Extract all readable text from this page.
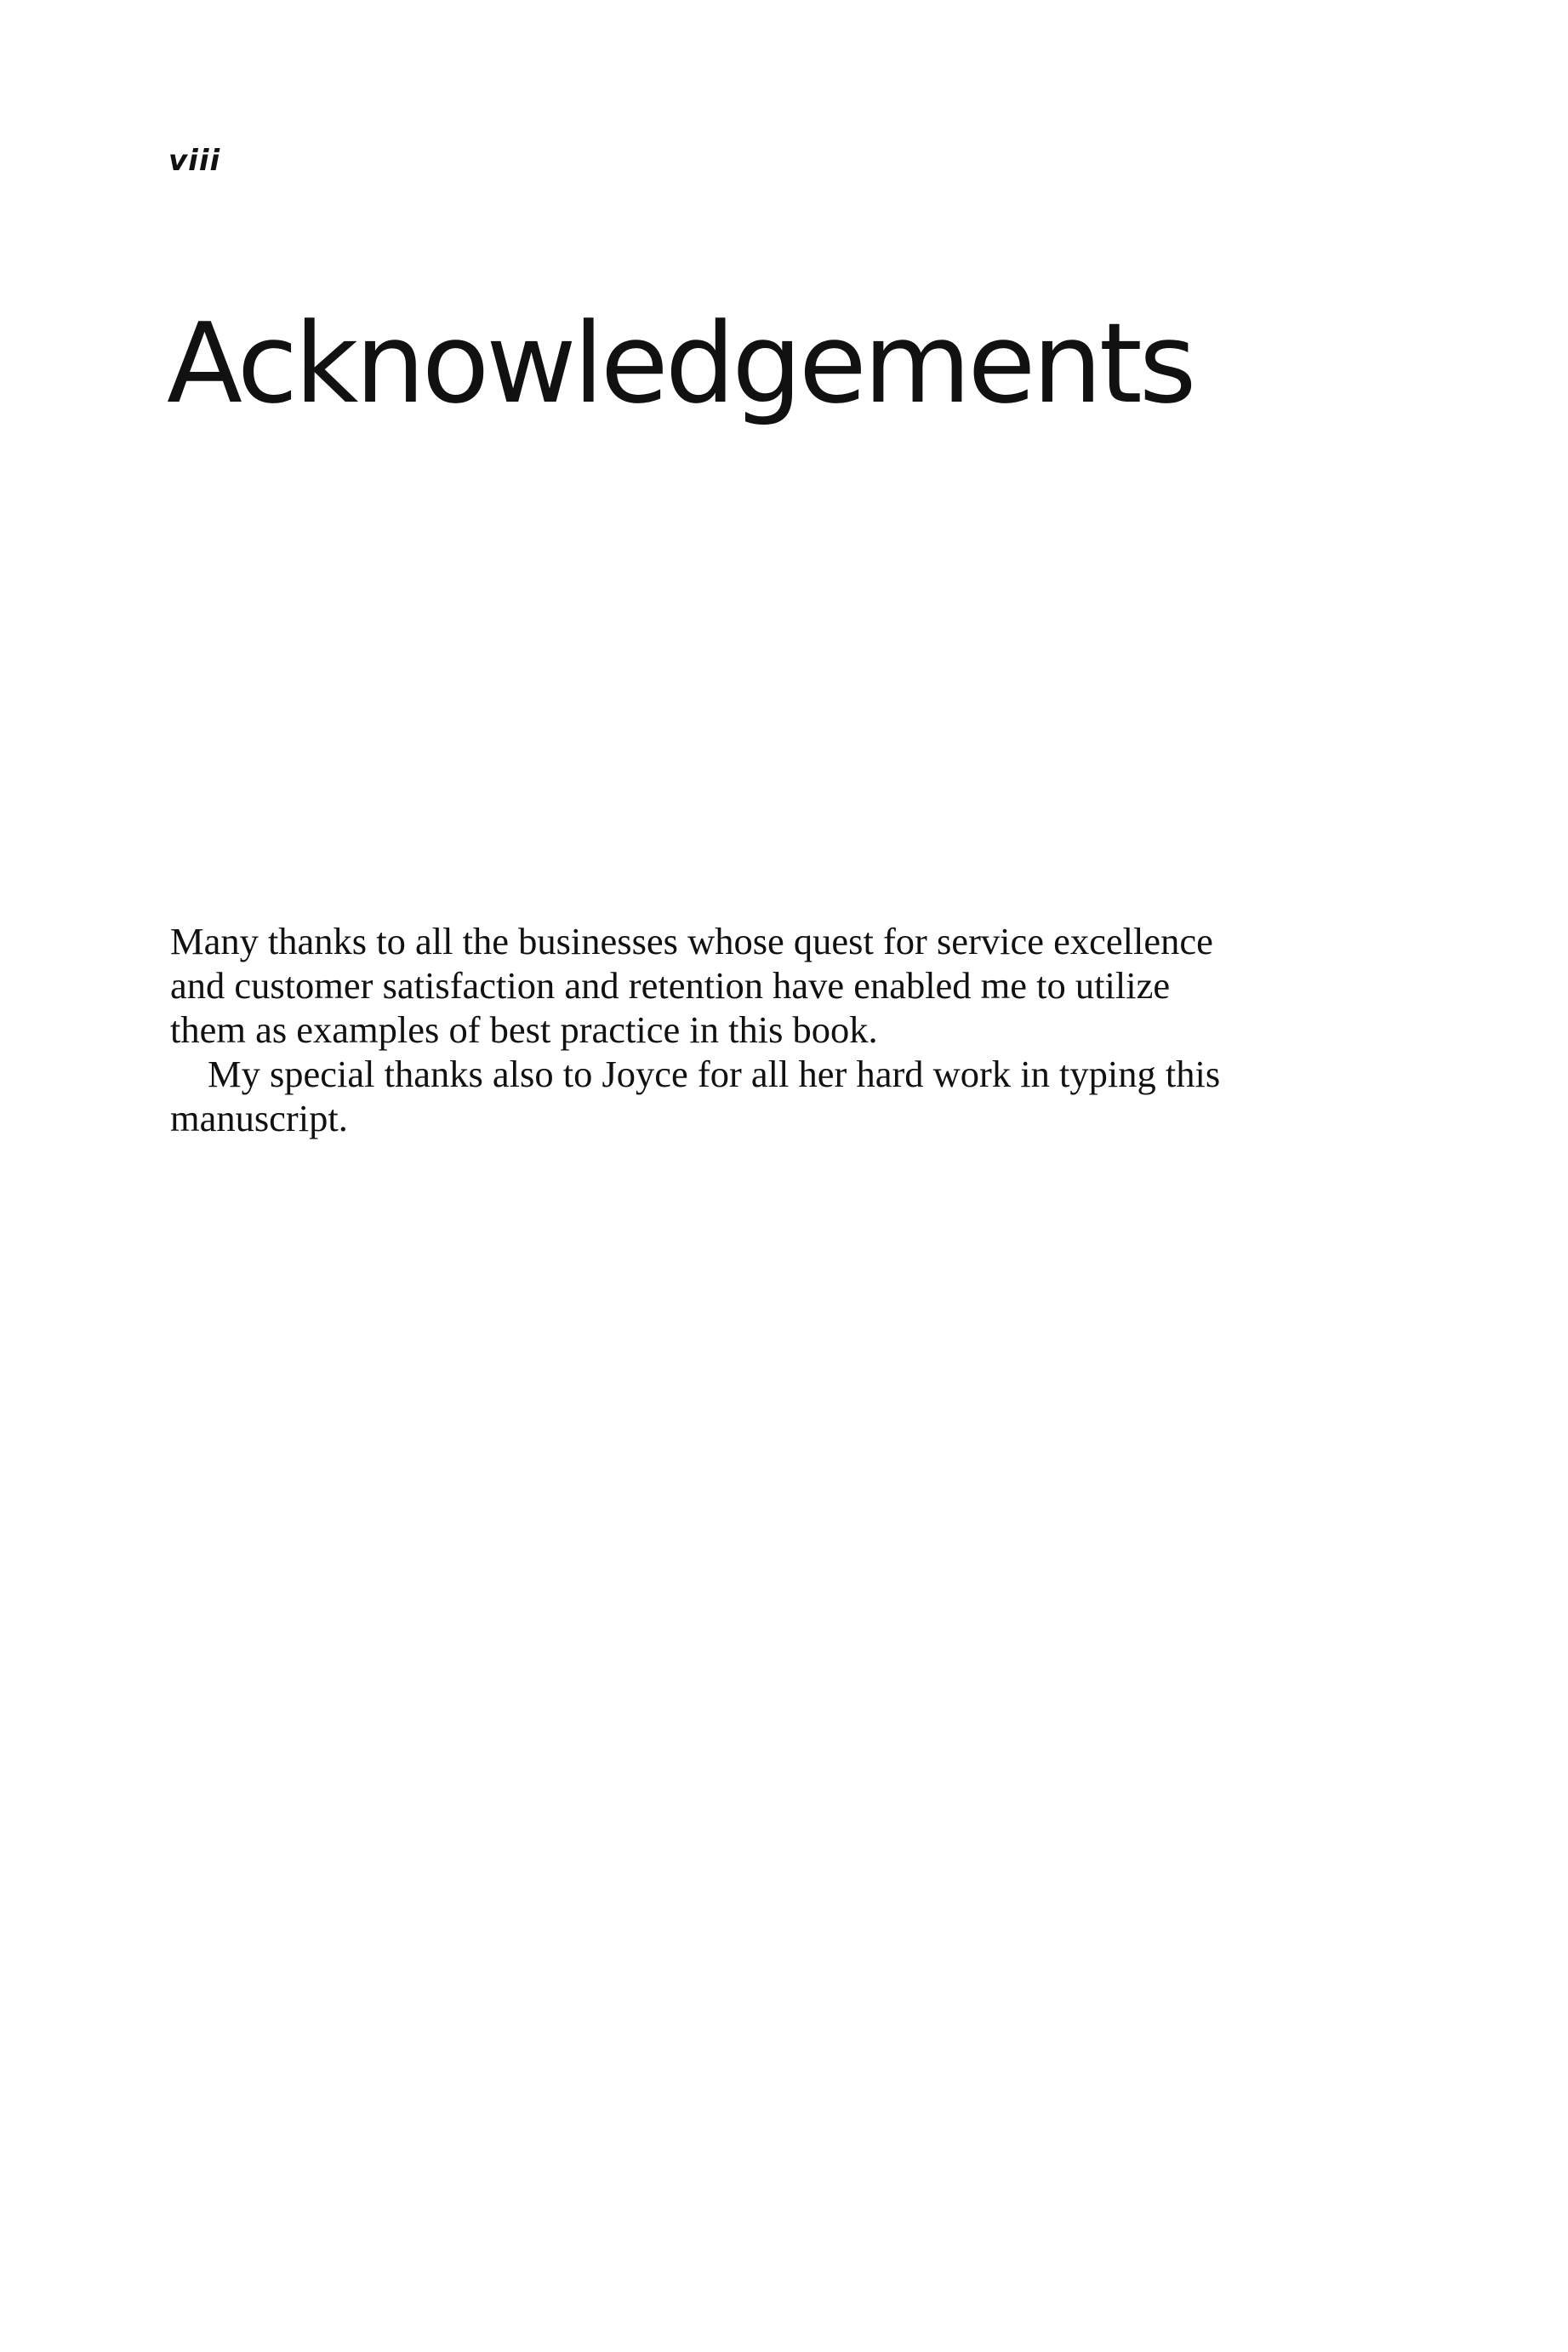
viii
Acknowledgements

Many thanks to all the businesses whose quest for service excellence
and customer satisfaction and retention have enabled me to utilize
them as examples of best practice in this book.

My special thanks also to Joyce for all her hard work in typing this
manuscript.
